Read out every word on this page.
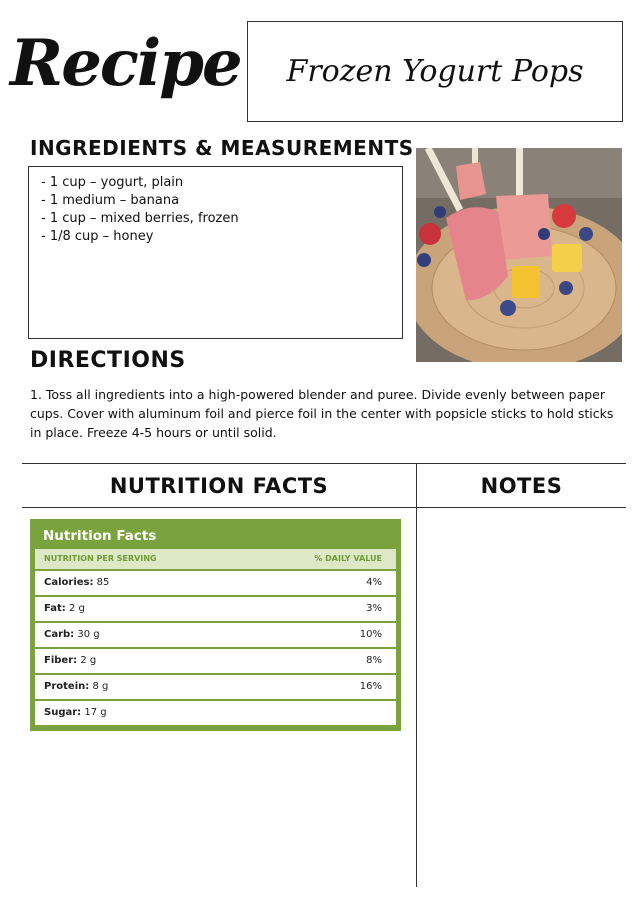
Recipe Frozen Yogurt Pops
INGREDIENTS & MEASUREMENTS
- 1 cup – yogurt, plain
- 1 medium – banana
- 1 cup – mixed berries, frozen
- 1/8 cup – honey
DIRECTIONS
1. Toss all ingredients into a high-powered blender and puree. Divide evenly between paper cups. Cover with aluminum foil and pierce foil in the center with popsicle sticks to hold sticks in place. Freeze 4-5 hours or until solid.
NUTRITION FACTS	NOTES
Nutrition Facts
NUTRITION PER SERVING	% DAILY VALUE
Calories: 85	4%
Fat: 2 g	3%
Carb: 30 g	10%
Fiber: 2 g	8%
Protein: 8 g	16%
Sugar: 17 g
